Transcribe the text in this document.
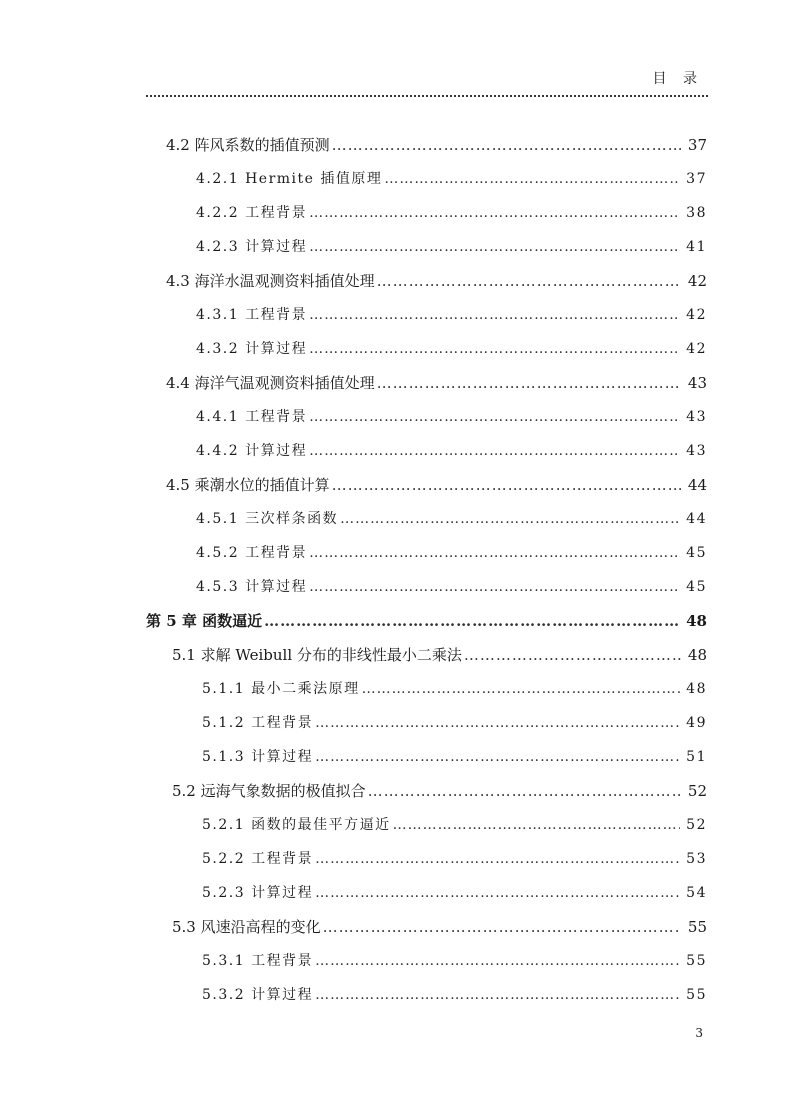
目 录
4.2 阵风系数的插值预测 ……………………………………………………………………………………………………………………………………………………………………………………	37
4.2.1 Hermite 插值原理 ……………………………………………………………………………………………………………………………………………………………………………………	37
4.2.2 工程背景 ……………………………………………………………………………………………………………………………………………………………………………………	38
4.2.3 计算过程 ……………………………………………………………………………………………………………………………………………………………………………………	41
4.3 海洋水温观测资料插值处理 ……………………………………………………………………………………………………………………………………………………………………………………	42
4.3.1 工程背景 ……………………………………………………………………………………………………………………………………………………………………………………	42
4.3.2 计算过程 ……………………………………………………………………………………………………………………………………………………………………………………	42
4.4 海洋气温观测资料插值处理 ……………………………………………………………………………………………………………………………………………………………………………………	43
4.4.1 工程背景 ……………………………………………………………………………………………………………………………………………………………………………………	43
4.4.2 计算过程 ……………………………………………………………………………………………………………………………………………………………………………………	43
4.5 乘潮水位的插值计算 ……………………………………………………………………………………………………………………………………………………………………………………	44
4.5.1 三次样条函数 ……………………………………………………………………………………………………………………………………………………………………………………	44
4.5.2 工程背景 ……………………………………………………………………………………………………………………………………………………………………………………	45
4.5.3 计算过程 ……………………………………………………………………………………………………………………………………………………………………………………	45
第 5 章 函数逼近 ……………………………………………………………………………………………………………………………………………………………………………………	48
5.1 求解 Weibull 分布的非线性最小二乘法 ……………………………………………………………………………………………………………………………………………………………………………………	48
5.1.1 最小二乘法原理 ……………………………………………………………………………………………………………………………………………………………………………………	48
5.1.2 工程背景 ……………………………………………………………………………………………………………………………………………………………………………………	49
5.1.3 计算过程 ……………………………………………………………………………………………………………………………………………………………………………………	51
5.2 远海气象数据的极值拟合 ……………………………………………………………………………………………………………………………………………………………………………………	52
5.2.1 函数的最佳平方逼近 ……………………………………………………………………………………………………………………………………………………………………………………	52
5.2.2 工程背景 ……………………………………………………………………………………………………………………………………………………………………………………	53
5.2.3 计算过程 ……………………………………………………………………………………………………………………………………………………………………………………	54
5.3 风速沿高程的变化 ……………………………………………………………………………………………………………………………………………………………………………………	55
5.3.1 工程背景 ……………………………………………………………………………………………………………………………………………………………………………………	55
5.3.2 计算过程 ……………………………………………………………………………………………………………………………………………………………………………………	55
3
